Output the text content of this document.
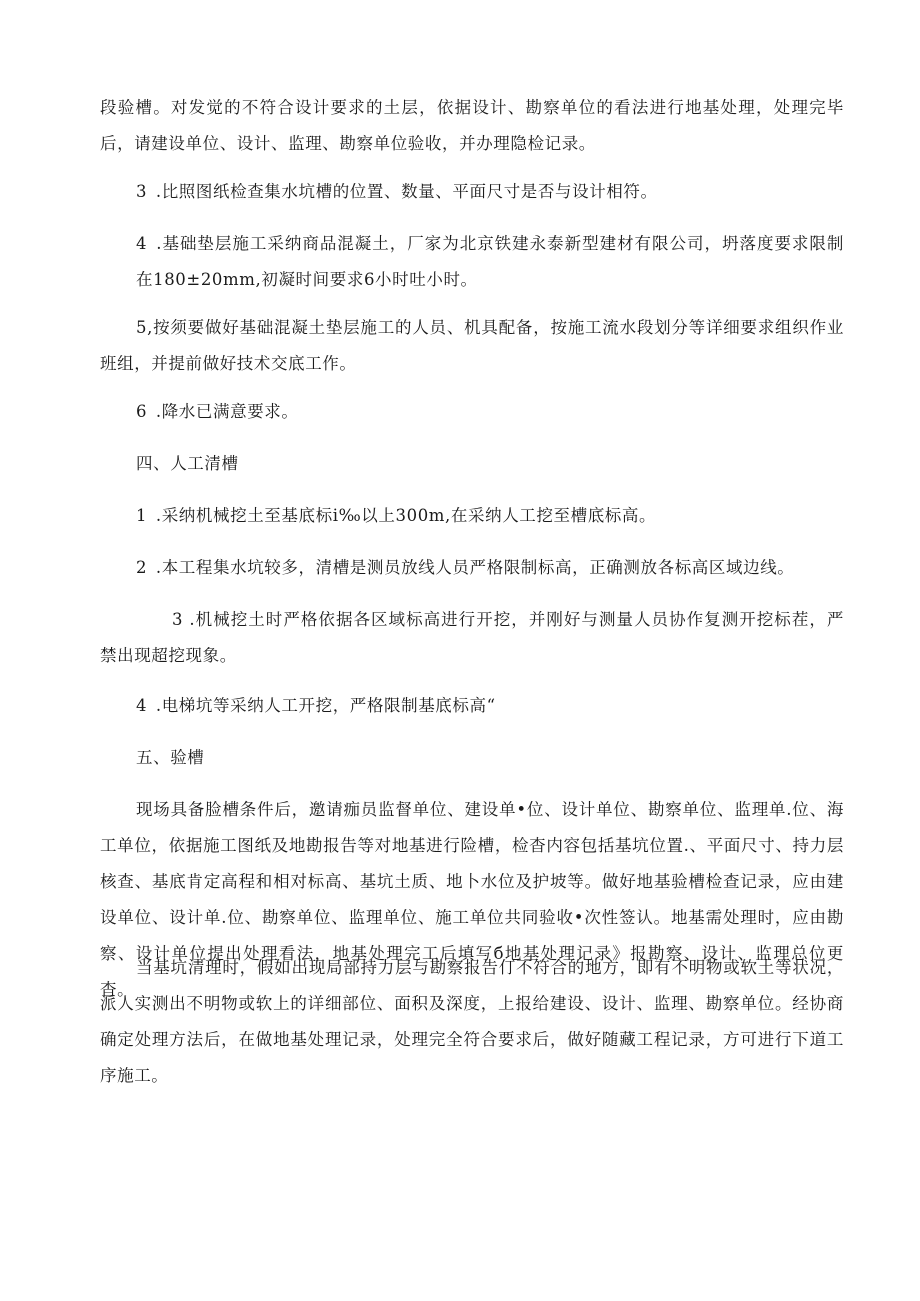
段验槽。对发觉的不符合设计要求的土层，依据设计、勘察单位的看法进行地基处理，处理完毕后，请建设单位、设计、监理、勘察单位验收，并办理隐检记录。

3 .比照图纸检查集水坑槽的位置、数量、平面尺寸是否与设计相符。

4 .基础垫层施工采纳商品混凝土，厂家为北京铁建永泰新型建材有限公司，坍落度要求限制在180±20mm,初凝时间要求6小时吐小时。

5,按须要做好基础混凝土垫层施工的人员、机具配备，按施工流水段划分等详细要求组织作业班组，并提前做好技术交底工作。

6 .降水已满意要求。

四、人工清槽

1 .采纳机械挖土至基底标i‰以上300m,在采纳人工挖至槽底标高。

2 .本工程集水坑较多，清槽是测员放线人员严格限制标高，正确测放各标高区域边线。

3 .机械挖土时严格依据各区域标高进行开挖，并刚好与测量人员协作复测开挖标茬，严禁出现超挖现象。

4 .电梯坑等采纳人工开挖，严格限制基底标高“

五、验槽

现场具备脸槽条件后，邀请痂员监督单位、建设单•位、设计单位、勘察单位、监理单.位、海工单位，依据施工图纸及地勘报告等对地基进行险槽，检杳内容包括基坑位置.、平面尺寸、持力层核查、基底肯定高程和相对标高、基坑土质、地卜水位及护坡等。做好地基验槽检查记录，应由建设单位、设计单.位、勘察单位、监理单位、施工单位共同验收•次性签认。地基需处理时，应由勘察、设计单位提出处理看法，地基处理完工后填写б地基处理记录》报勘察、设计、监理总位更杳。

当基坑清理时，假如出现局部持力层与勘察报告仃不符合的地方，即有不明物或软土等状况，派人实测出不明物或软上的详细部位、面积及深度，上报给建设、设计、监理、勘察单位。经协商确定处理方法后，在做地基处理记录，处理完全符合要求后，做好随藏工程记录，方可进行下道工序施工。
